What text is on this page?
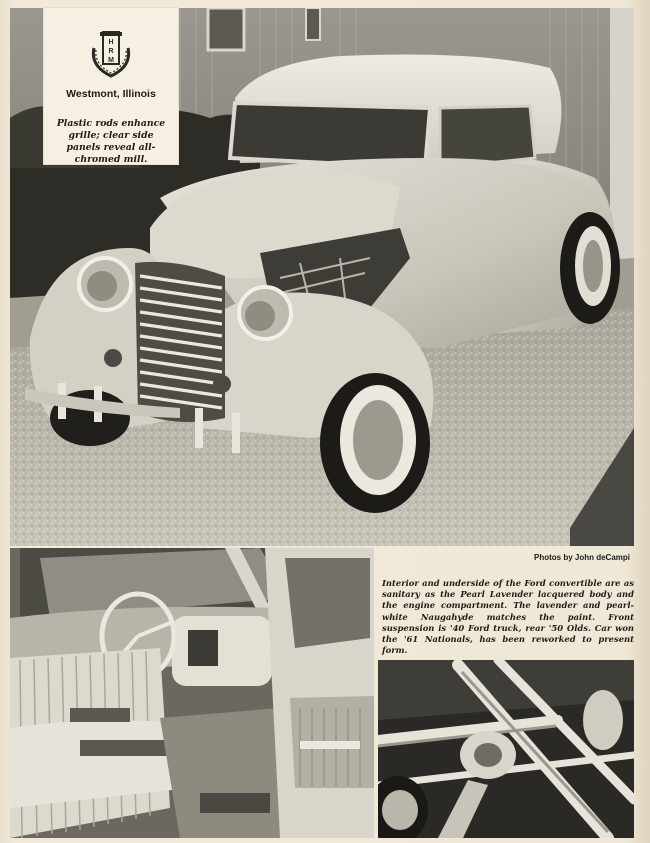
H
R
M
Westmont, Illinois
Plastic rods enhance grille; clear side panels reveal all-chromed mill.
Photos by John deCampi
Interior and underside of the Ford convertible are as sanitary as the Pearl Lavender lacquered body and the engine compartment. The lavender and pearl-white Naugahyde matches the paint. Front suspension is '40 Ford truck, rear '50 Olds. Car won the '61 Nationals, has been reworked to present form.
